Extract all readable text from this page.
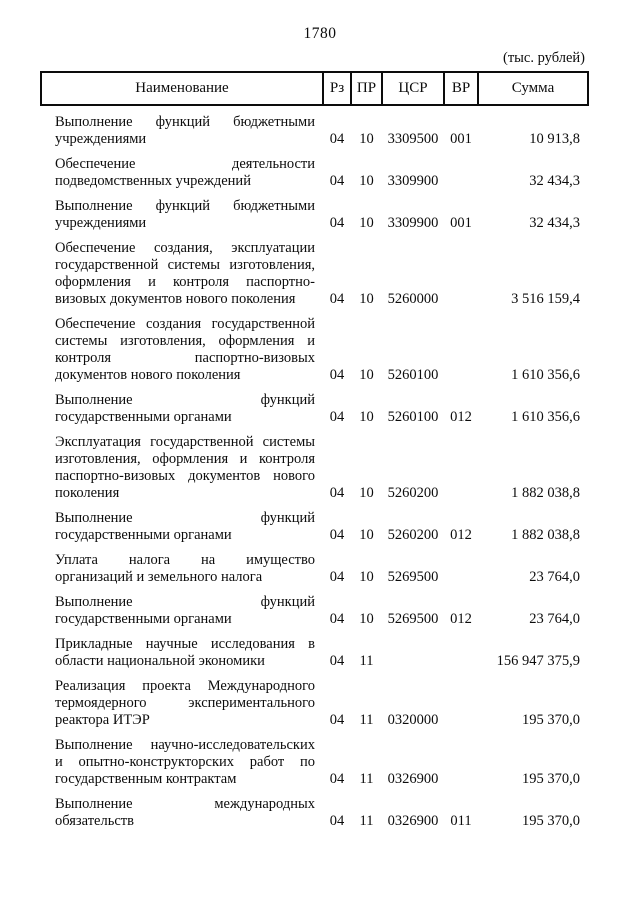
1780
(тыс. рублей)
Наименование	Рз	ПР	ЦСР	ВР	Сумма

Выполнение функций бюджетными
учреждениями	04	10	3309500	001	10 913,8

Обеспечение деятельности
подведомственных учреждений	04	10	3309900		32 434,3

Выполнение функций бюджетными
учреждениями	04	10	3309900	001	32 434,3

Обеспечение создания, эксплуатации
государственной системы изготовления,
оформления и контроля паспортно-
визовых документов нового поколения	04	10	5260000		3 516 159,4

Обеспечение создания государственной
системы изготовления, оформления и
контроля	паспортно-визовых
документов нового поколения	04	10	5260100		1 610 356,6

Выполнение функций
государственными органами	04	10	5260100	012	1 610 356,6

Эксплуатация государственной системы
изготовления, оформления и контроля
паспортно-визовых документов нового
поколения	04	10	5260200		1 882 038,8

Выполнение функций
государственными органами	04	10	5260200	012	1 882 038,8

Уплата налога на имущество
организаций и земельного налога	04	10	5269500		23 764,0

Выполнение функций
государственными органами	04	10	5269500	012	23 764,0

Прикладные научные исследования в
области национальной экономики	04	11			156 947 375,9

Реализация проекта Международного
термоядерного	экспериментального
реактора ИТЭР	04	11	0320000		195 370,0

Выполнение научно-исследовательских
и опытно-конструкторских работ по
государственным контрактам	04	11	0326900		195 370,0

Выполнение международных
обязательств	04	11	0326900	011	195 370,0
